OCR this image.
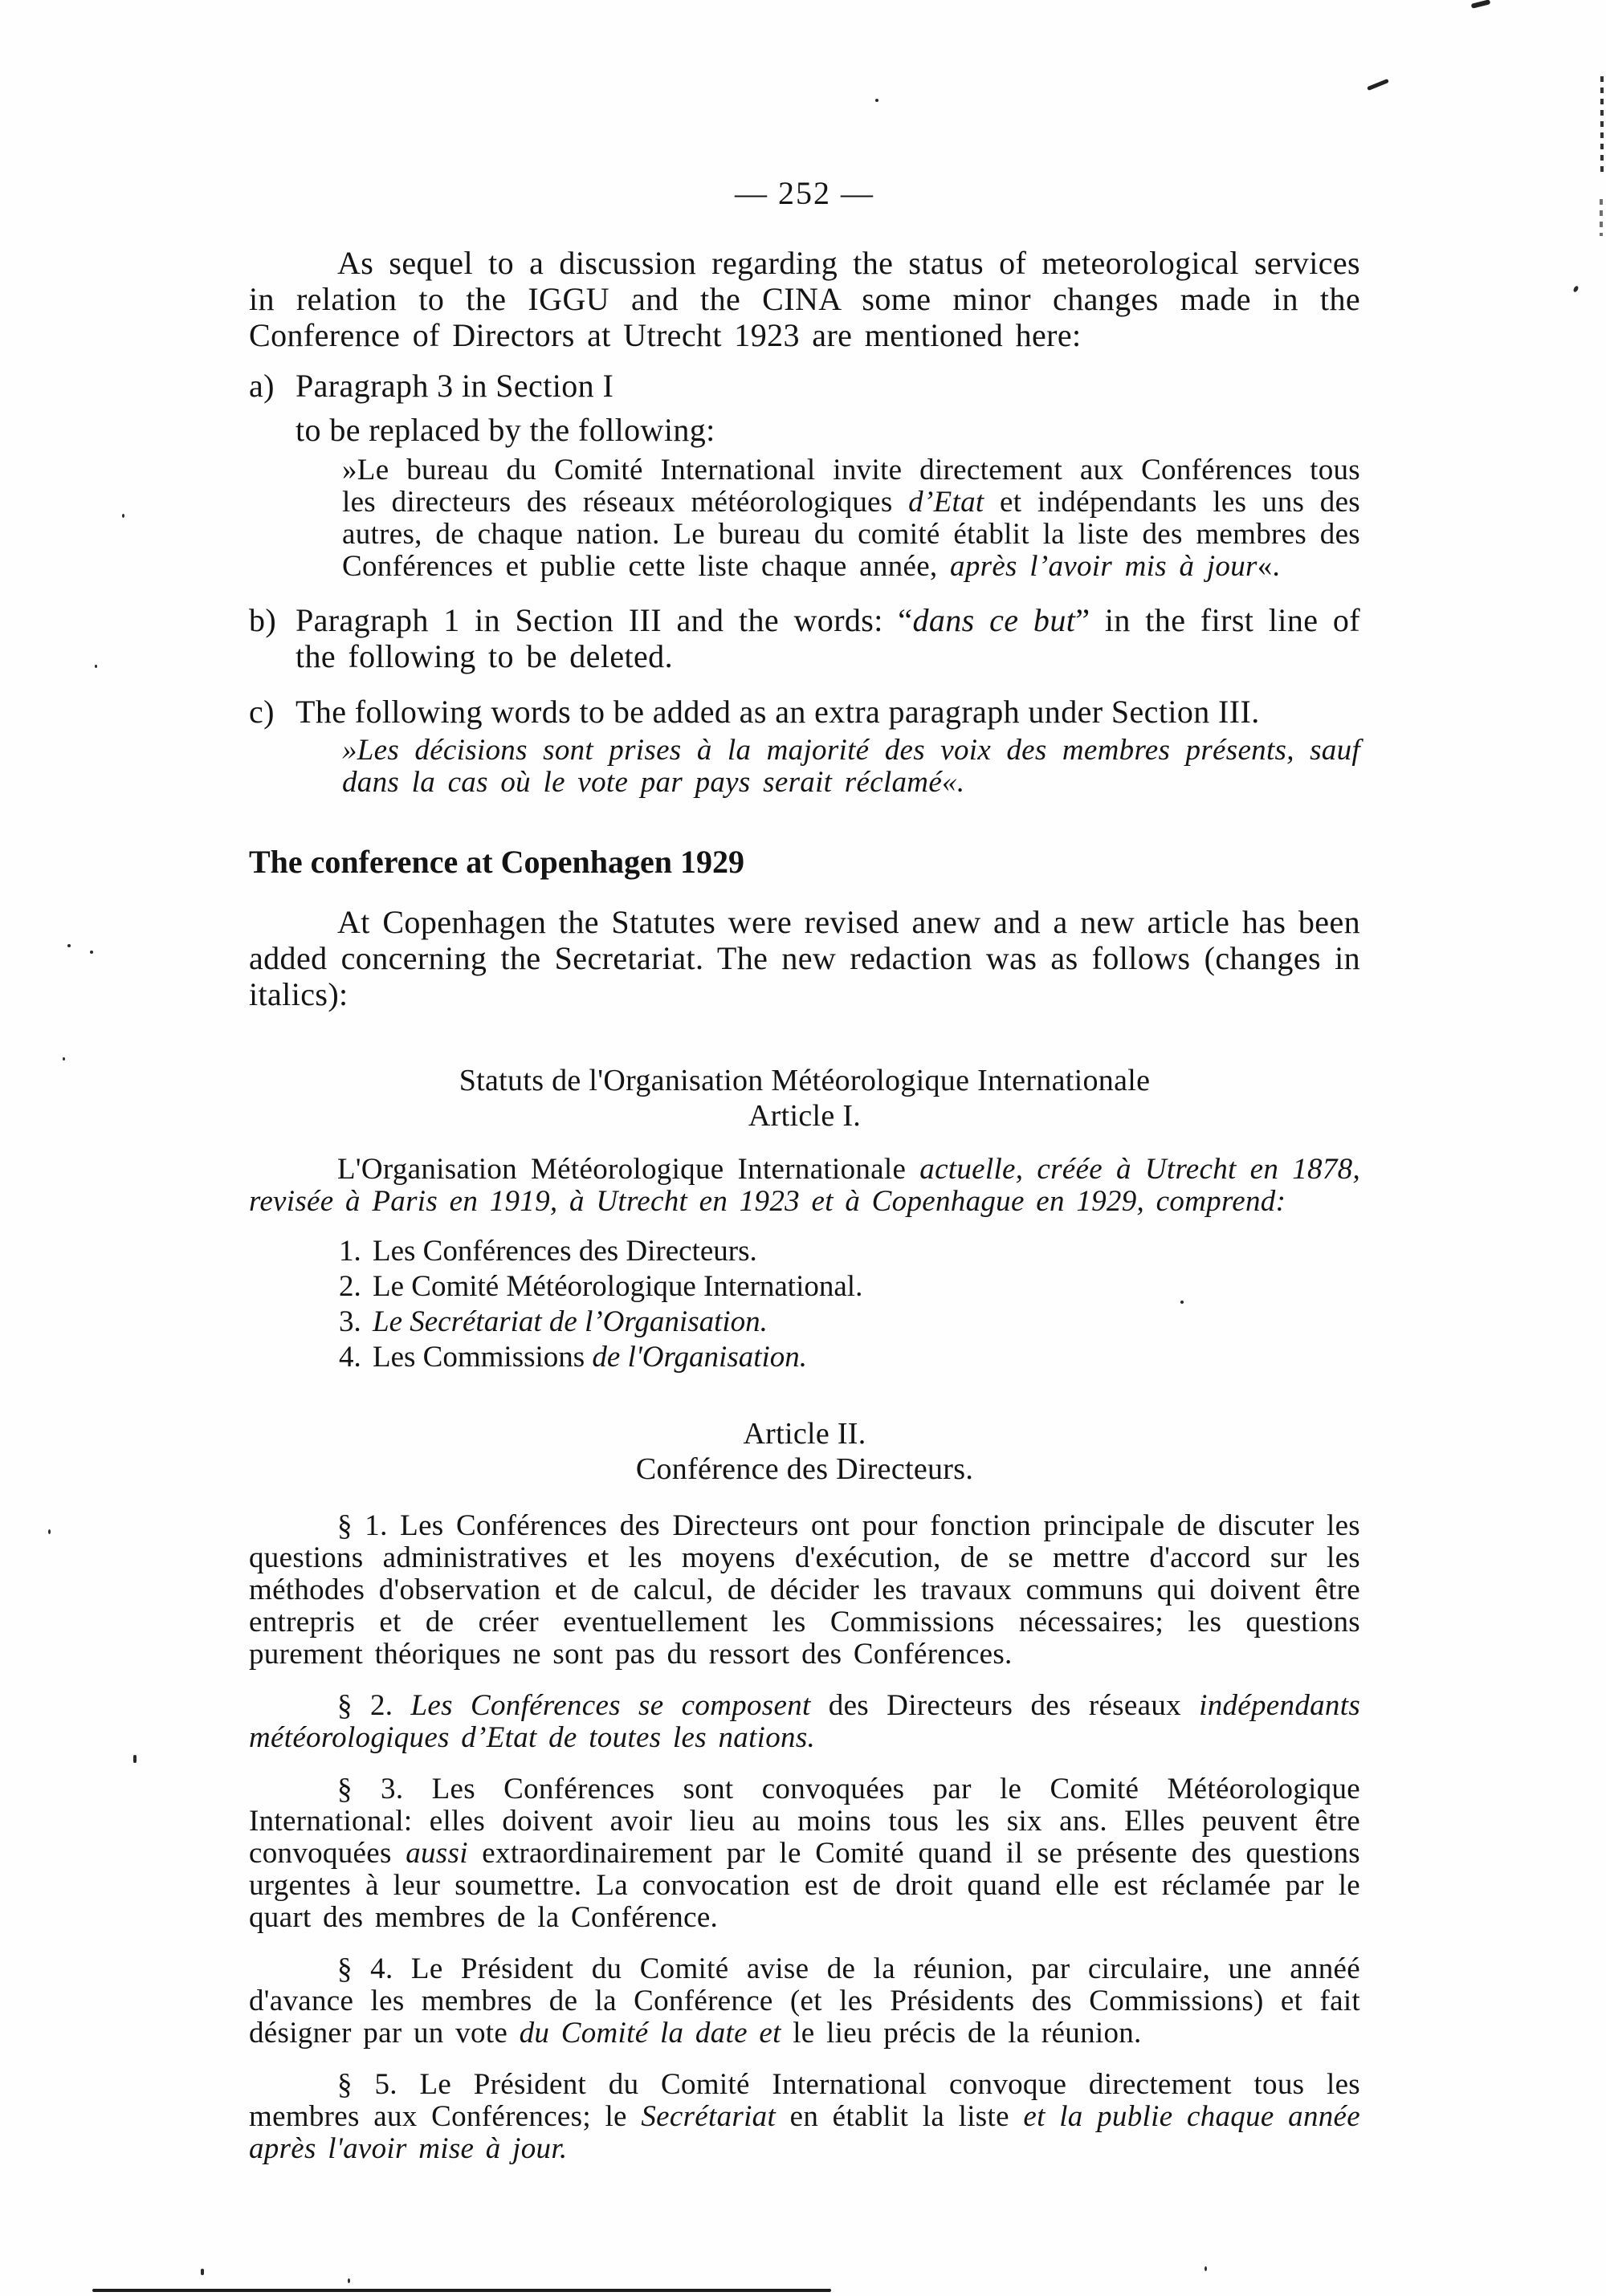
— 252 —

As sequel to a discussion regarding the status of meteorological services in relation to the IGGU and the CINA some minor changes made in the Conference of Directors at Utrecht 1923 are mentioned here:

a) Paragraph 3 in Section I

to be replaced by the following:

»Le bureau du Comité International invite directement aux Conférences tous les directeurs des réseaux météorologiques d’Etat et indépendants les uns des autres, de chaque nation. Le bureau du comité établit la liste des membres des Conférences et publie cette liste chaque année, après l’avoir mis à jour«.

b) Paragraph 1 in Section III and the words: “dans ce but” in the first line of the following to be deleted.

c) The following words to be added as an extra paragraph under Section III.

»Les décisions sont prises à la majorité des voix des membres présents, sauf dans la cas où le vote par pays serait réclamé«.

The conference at Copenhagen 1929

At Copenhagen the Statutes were revised anew and a new article has been added concerning the Secretariat. The new redaction was as follows (changes in italics):

Statuts de l'Organisation Météorologique Internationale

Article I.

L'Organisation Météorologique Internationale actuelle, créée à Utrecht en 1878, revisée à Paris en 1919, à Utrecht en 1923 et à Copenhague en 1929, comprend:

1. Les Conférences des Directeurs.
2. Le Comité Météorologique International.
3. Le Secrétariat de l’Organisation.
4. Les Commissions de l'Organisation.

Article II.

Conférence des Directeurs.

§ 1. Les Conférences des Directeurs ont pour fonction principale de discuter les questions administratives et les moyens d'exécution, de se mettre d'accord sur les méthodes d'observation et de calcul, de décider les travaux communs qui doivent être entrepris et de créer eventuellement les Commissions nécessaires; les questions purement théoriques ne sont pas du ressort des Conférences.

§ 2. Les Conférences se composent des Directeurs des réseaux indépendants météorologiques d’Etat de toutes les nations.

§ 3. Les Conférences sont convoquées par le Comité Météorologique International: elles doivent avoir lieu au moins tous les six ans. Elles peuvent être convoquées aussi extraordinairement par le Comité quand il se présente des questions urgentes à leur soumettre. La convocation est de droit quand elle est réclamée par le quart des membres de la Conférence.

§ 4. Le Président du Comité avise de la réunion, par circulaire, une annéé d'avance les membres de la Conférence (et les Présidents des Commissions) et fait désigner par un vote du Comité la date et le lieu précis de la réunion.

§ 5. Le Président du Comité International convoque directement tous les membres aux Conférences; le Secrétariat en établit la liste et la publie chaque année après l'avoir mise à jour.
